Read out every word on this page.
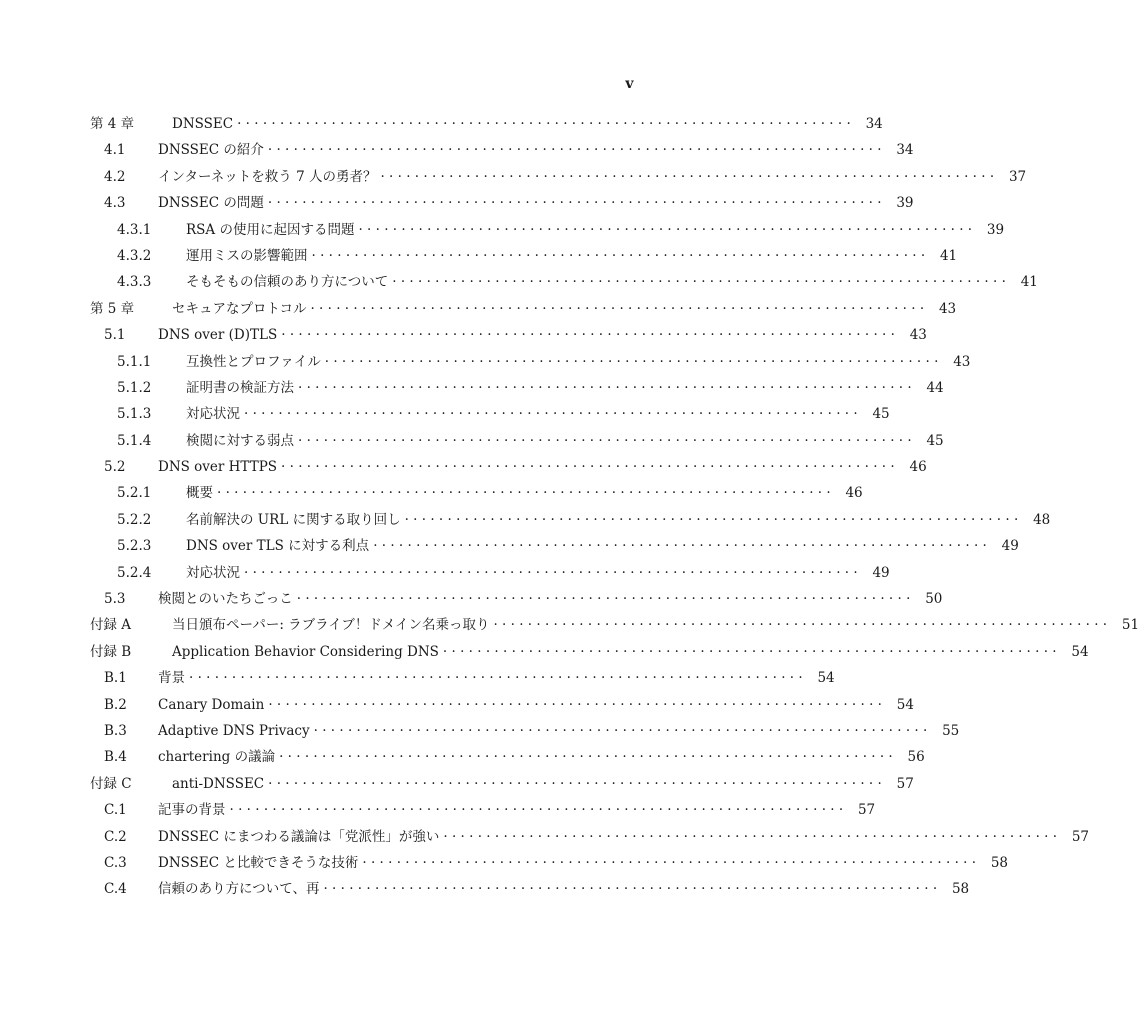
v
第 4 章	DNSSEC · · · · · · · · · · · · · · · · · · · · · · · · · · · · · · · · · · · · · · · · · · · · · · · · · · · · · · · · · · · · · · · · · · · · · · · ·	34
4.1 DNSSEC の紹介 · · · · · · · · · · · · · · · · · · · · · · · · · · · · · · · · · · · · · · · · · · · · · · · · · · · · · · · · · · · · · · · · · · · · · · · ·	34
4.2 インターネットを救う 7 人の勇者？ · · · · · · · · · · · · · · · · · · · · · · · · · · · · · · · · · · · · · · · · · · · · · · · · · · · · · · · · · · · · · · · · · · · · · · · ·	37
4.3 DNSSEC の問題 · · · · · · · · · · · · · · · · · · · · · · · · · · · · · · · · · · · · · · · · · · · · · · · · · · · · · · · · · · · · · · · · · · · · · · · ·	39
4.3.1	RSA の使用に起因する問題 · · · · · · · · · · · · · · · · · · · · · · · · · · · · · · · · · · · · · · · · · · · · · · · · · · · · · · · · · · · · · · · · · · · · · · · ·	39
4.3.2	運用ミスの影響範囲 · · · · · · · · · · · · · · · · · · · · · · · · · · · · · · · · · · · · · · · · · · · · · · · · · · · · · · · · · · · · · · · · · · · · · · · ·	41
4.3.3	そもそもの信頼のあり方について · · · · · · · · · · · · · · · · · · · · · · · · · · · · · · · · · · · · · · · · · · · · · · · · · · · · · · · · · · · · · · · · · · · · · · · ·	41
第 5 章	セキュアなプロトコル · · · · · · · · · · · · · · · · · · · · · · · · · · · · · · · · · · · · · · · · · · · · · · · · · · · · · · · · · · · · · · · · · · · · · · · ·	43
5.1 DNS over (D)TLS · · · · · · · · · · · · · · · · · · · · · · · · · · · · · · · · · · · · · · · · · · · · · · · · · · · · · · · · · · · · · · · · · · · · · · · ·	43
5.1.1	互換性とプロファイル · · · · · · · · · · · · · · · · · · · · · · · · · · · · · · · · · · · · · · · · · · · · · · · · · · · · · · · · · · · · · · · · · · · · · · · ·	43
5.1.2	証明書の検証方法 · · · · · · · · · · · · · · · · · · · · · · · · · · · · · · · · · · · · · · · · · · · · · · · · · · · · · · · · · · · · · · · · · · · · · · · ·	44
5.1.3	対応状況 · · · · · · · · · · · · · · · · · · · · · · · · · · · · · · · · · · · · · · · · · · · · · · · · · · · · · · · · · · · · · · · · · · · · · · · ·	45
5.1.4	検閲に対する弱点 · · · · · · · · · · · · · · · · · · · · · · · · · · · · · · · · · · · · · · · · · · · · · · · · · · · · · · · · · · · · · · · · · · · · · · · ·	45
5.2 DNS over HTTPS · · · · · · · · · · · · · · · · · · · · · · · · · · · · · · · · · · · · · · · · · · · · · · · · · · · · · · · · · · · · · · · · · · · · · · · ·	46
5.2.1	概要 · · · · · · · · · · · · · · · · · · · · · · · · · · · · · · · · · · · · · · · · · · · · · · · · · · · · · · · · · · · · · · · · · · · · · · · ·	46
5.2.2	名前解決の URL に関する取り回し · · · · · · · · · · · · · · · · · · · · · · · · · · · · · · · · · · · · · · · · · · · · · · · · · · · · · · · · · · · · · · · · · · · · · · · ·	48
5.2.3	DNS over TLS に対する利点 · · · · · · · · · · · · · · · · · · · · · · · · · · · · · · · · · · · · · · · · · · · · · · · · · · · · · · · · · · · · · · · · · · · · · · · ·	49
5.2.4	対応状況 · · · · · · · · · · · · · · · · · · · · · · · · · · · · · · · · · · · · · · · · · · · · · · · · · · · · · · · · · · · · · · · · · · · · · · · ·	49
5.3 検閲とのいたちごっこ · · · · · · · · · · · · · · · · · · · · · · · · · · · · · · · · · · · · · · · · · · · · · · · · · · · · · · · · · · · · · · · · · · · · · · · ·	50
付録 A	当日頒布ペーパー: ラブライブ！ドメイン名乗っ取り · · · · · · · · · · · · · · · · · · · · · · · · · · · · · · · · · · · · · · · · · · · · · · · · · · · · · · · · · · · · · · · · · · · · · · · ·	51
付録 B	Application Behavior Considering DNS · · · · · · · · · · · · · · · · · · · · · · · · · · · · · · · · · · · · · · · · · · · · · · · · · · · · · · · · · · · · · · · · · · · · · · · ·	54
B.1 背景 · · · · · · · · · · · · · · · · · · · · · · · · · · · · · · · · · · · · · · · · · · · · · · · · · · · · · · · · · · · · · · · · · · · · · · · ·	54
B.2 Canary Domain · · · · · · · · · · · · · · · · · · · · · · · · · · · · · · · · · · · · · · · · · · · · · · · · · · · · · · · · · · · · · · · · · · · · · · · ·	54
B.3 Adaptive DNS Privacy · · · · · · · · · · · · · · · · · · · · · · · · · · · · · · · · · · · · · · · · · · · · · · · · · · · · · · · · · · · · · · · · · · · · · · · ·	55
B.4 chartering の議論 · · · · · · · · · · · · · · · · · · · · · · · · · · · · · · · · · · · · · · · · · · · · · · · · · · · · · · · · · · · · · · · · · · · · · · · ·	56
付録 C	anti-DNSSEC · · · · · · · · · · · · · · · · · · · · · · · · · · · · · · · · · · · · · · · · · · · · · · · · · · · · · · · · · · · · · · · · · · · · · · · ·	57
C.1 記事の背景 · · · · · · · · · · · · · · · · · · · · · · · · · · · · · · · · · · · · · · · · · · · · · · · · · · · · · · · · · · · · · · · · · · · · · · · ·	57
C.2 DNSSEC にまつわる議論は「党派性」が強い · · · · · · · · · · · · · · · · · · · · · · · · · · · · · · · · · · · · · · · · · · · · · · · · · · · · · · · · · · · · · · · · · · · · · · · ·	57
C.3 DNSSEC と比較できそうな技術 · · · · · · · · · · · · · · · · · · · · · · · · · · · · · · · · · · · · · · · · · · · · · · · · · · · · · · · · · · · · · · · · · · · · · · · ·	58
C.4 信頼のあり方について、再 · · · · · · · · · · · · · · · · · · · · · · · · · · · · · · · · · · · · · · · · · · · · · · · · · · · · · · · · · · · · · · · · · · · · · · · ·	58
